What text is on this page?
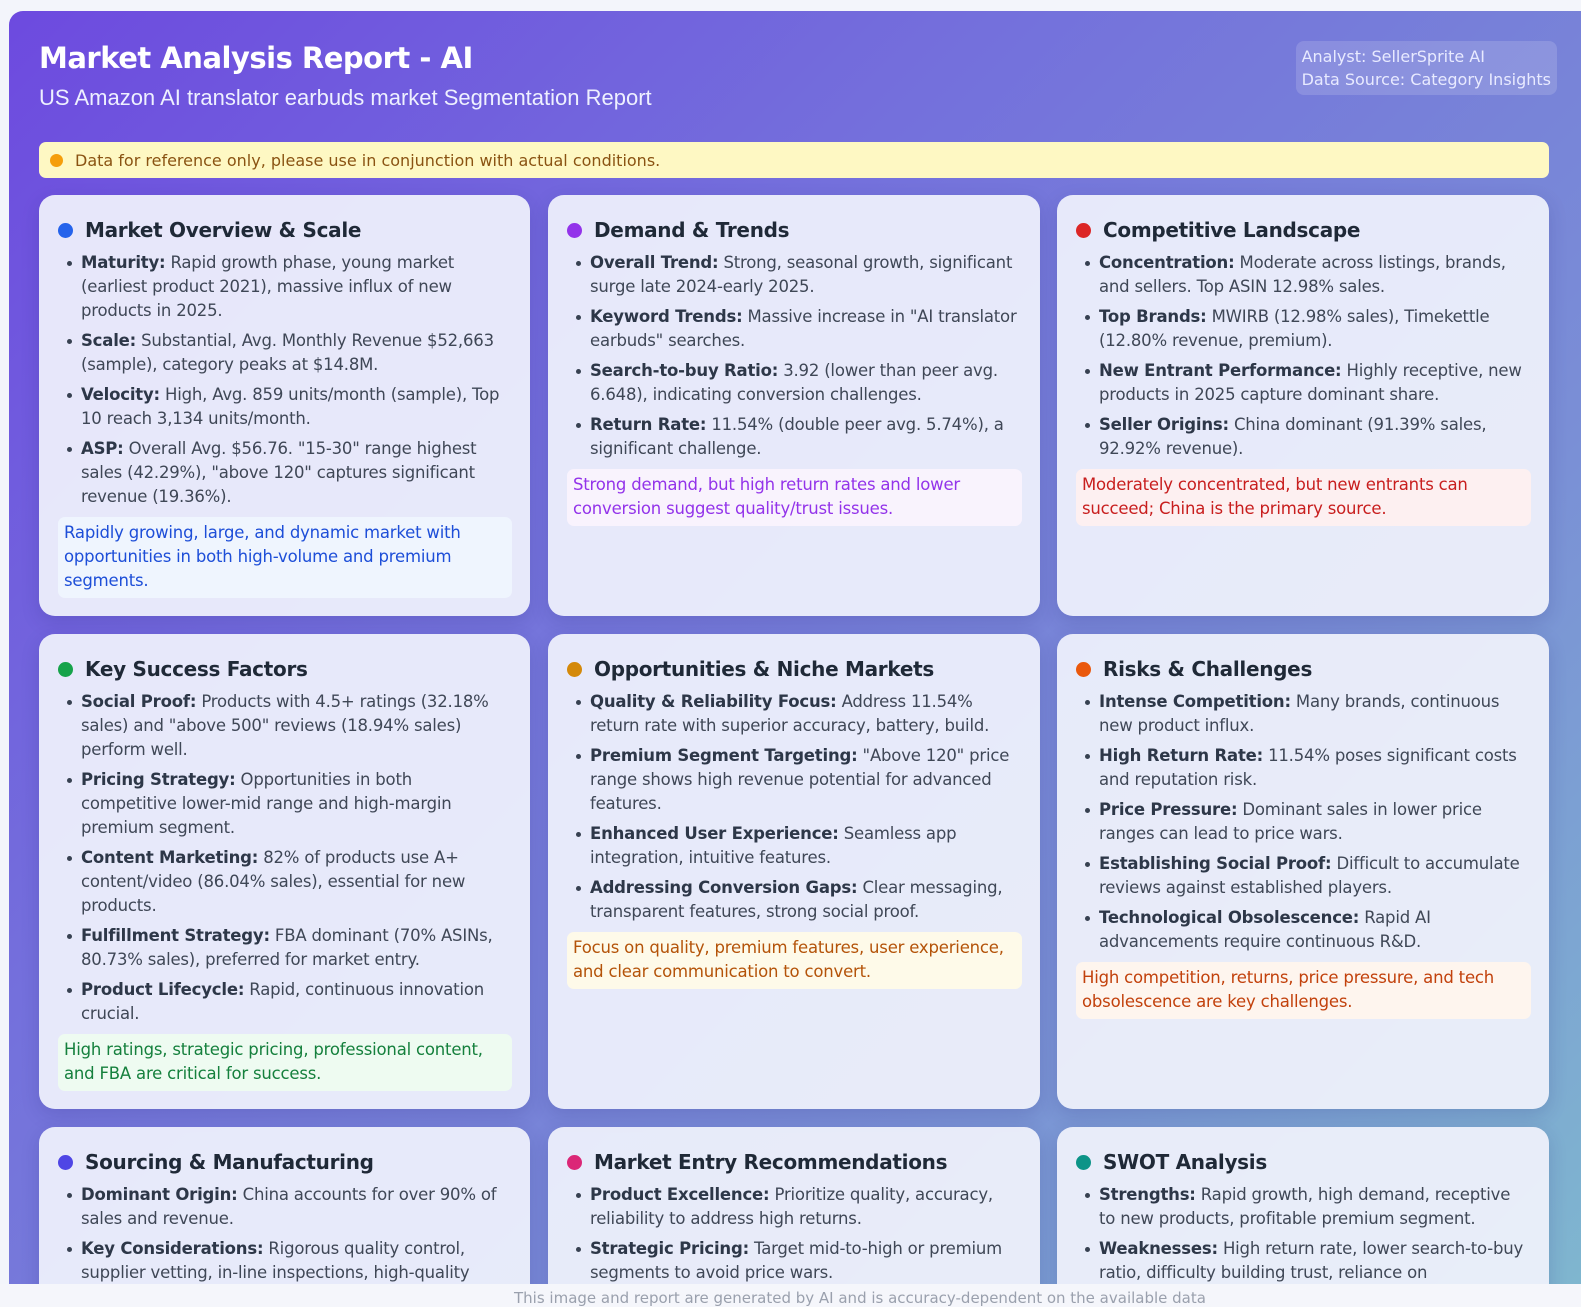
Market Analysis Report - AI
US Amazon AI translator earbuds market Segmentation Report
Analyst: SellerSprite AI
Data Source: Category Insights
Data for reference only, please use in conjunction with actual conditions.
Market Overview & Scale
Maturity: Rapid growth phase, young market (earliest product 2021), massive influx of new products in 2025.
Scale: Substantial, Avg. Monthly Revenue $52,663 (sample), category peaks at $14.8M.
Velocity: High, Avg. 859 units/month (sample), Top 10 reach 3,134 units/month.
ASP: Overall Avg. $56.76. "15-30" range highest sales (42.29%), "above 120" captures significant revenue (19.36%).
Rapidly growing, large, and dynamic market with opportunities in both high-volume and premium segments.
Demand & Trends
Overall Trend: Strong, seasonal growth, significant surge late 2024-early 2025.
Keyword Trends: Massive increase in "AI translator earbuds" searches.
Search-to-buy Ratio: 3.92 (lower than peer avg. 6.648), indicating conversion challenges.
Return Rate: 11.54% (double peer avg. 5.74%), a significant challenge.
Strong demand, but high return rates and lower conversion suggest quality/trust issues.
Competitive Landscape
Concentration: Moderate across listings, brands, and sellers. Top ASIN 12.98% sales.
Top Brands: MWIRB (12.98% sales), Timekettle (12.80% revenue, premium).
New Entrant Performance: Highly receptive, new products in 2025 capture dominant share.
Seller Origins: China dominant (91.39% sales, 92.92% revenue).
Moderately concentrated, but new entrants can succeed; China is the primary source.
Key Success Factors
Social Proof: Products with 4.5+ ratings (32.18% sales) and "above 500" reviews (18.94% sales) perform well.
Pricing Strategy: Opportunities in both competitive lower-mid range and high-margin premium segment.
Content Marketing: 82% of products use A+ content/video (86.04% sales), essential for new products.
Fulfillment Strategy: FBA dominant (70% ASINs, 80.73% sales), preferred for market entry.
Product Lifecycle: Rapid, continuous innovation crucial.
High ratings, strategic pricing, professional content, and FBA are critical for success.
Opportunities & Niche Markets
Quality & Reliability Focus: Address 11.54% return rate with superior accuracy, battery, build.
Premium Segment Targeting: "Above 120" price range shows high revenue potential for advanced features.
Enhanced User Experience: Seamless app integration, intuitive features.
Addressing Conversion Gaps: Clear messaging, transparent features, strong social proof.
Focus on quality, premium features, user experience, and clear communication to convert.
Risks & Challenges
Intense Competition: Many brands, continuous new product influx.
High Return Rate: 11.54% poses significant costs and reputation risk.
Price Pressure: Dominant sales in lower price ranges can lead to price wars.
Establishing Social Proof: Difficult to accumulate reviews against established players.
Technological Obsolescence: Rapid AI advancements require continuous R&D.
High competition, returns, price pressure, and tech obsolescence are key challenges.
Sourcing & Manufacturing
Dominant Origin: China accounts for over 90% of sales and revenue.
Key Considerations: Rigorous quality control, supplier vetting, in-line inspections, high-quality
Market Entry Recommendations
Product Excellence: Prioritize quality, accuracy, reliability to address high returns.
Strategic Pricing: Target mid-to-high or premium segments to avoid price wars.
SWOT Analysis
Strengths: Rapid growth, high demand, receptive to new products, profitable premium segment.
Weaknesses: High return rate, lower search-to-buy ratio, difficulty building trust, reliance on
This image and report are generated by AI and is accuracy-dependent on the available data
